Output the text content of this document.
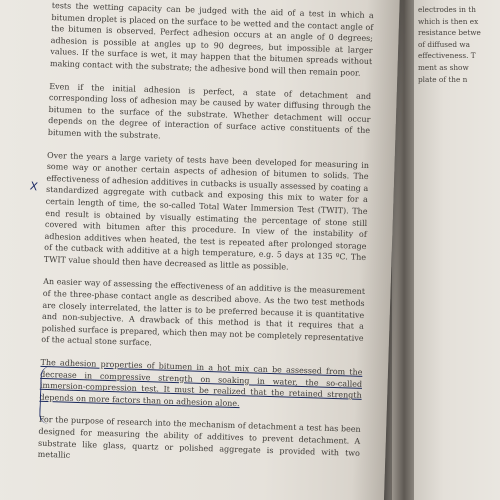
electrodes in th
which is then ex
resistance betwe
of diffused wa
effectiveness. T
ment as show
plate of the n

tests the wetting capacity can be judged with the aid of a test in which a bitumen droplet is placed on the surface to be wetted and the contact angle of the bitumen is observed. Perfect adhesion occurs at an angle of 0 degrees; adhesion is possible at angles up to 90 degrees, but impossible at larger values. If the surface is wet, it may happen that the bitumen spreads without making contact with the substrate; the adhesive bond will then remain poor.

Even if the initial adhesion is perfect, a state of detachment and corresponding loss of adhesion may be caused by water diffusing through the bitumen to the surface of the substrate. Whether detachment will occur depends on the degree of interaction of surface active constituents of the bitumen with the substrate.

Over the years a large variety of tests have been developed for measuring in some way or another certain aspects of adhesion of bitumen to solids. The effectiveness of adhesion additives in cutbacks is usually assessed by coating a standardized aggregate with cutback and exposing this mix to water for a certain length of time, the so-called Total Water Immersion Test (TWIT). The end result is obtained by visually estimating the percentage of stone still covered with bitumen after this procedure. In view of the instability of adhesion additives when heated, the test is repeated after prolonged storage of the cutback with additive at a high temperature, e.g. 5 days at 135 ºC. The TWIT value should then have decreased as little as possible.

An easier way of assessing the effectiveness of an additive is the measurement of the three-phase contact angle as described above. As the two test methods are closely interrelated, the latter is to be preferred because it is quantitative and non-subjective. A drawback of this method is that it requires that a polished surface is prepared, which then may not be completely representative of the actual stone surface.

The adhesion properties of bitumen in a hot mix can be assessed from the decrease in compressive strength on soaking in water, the so-called immersion-compression test. It must be realized that the retained strength depends on more factors than on adhesion alone.

For the purpose of research into the mechanism of detachment a test has been designed for measuring the ability of additives to prevent detachment. A substrate like glass, quartz or polished aggregate is provided with two metallic

X
